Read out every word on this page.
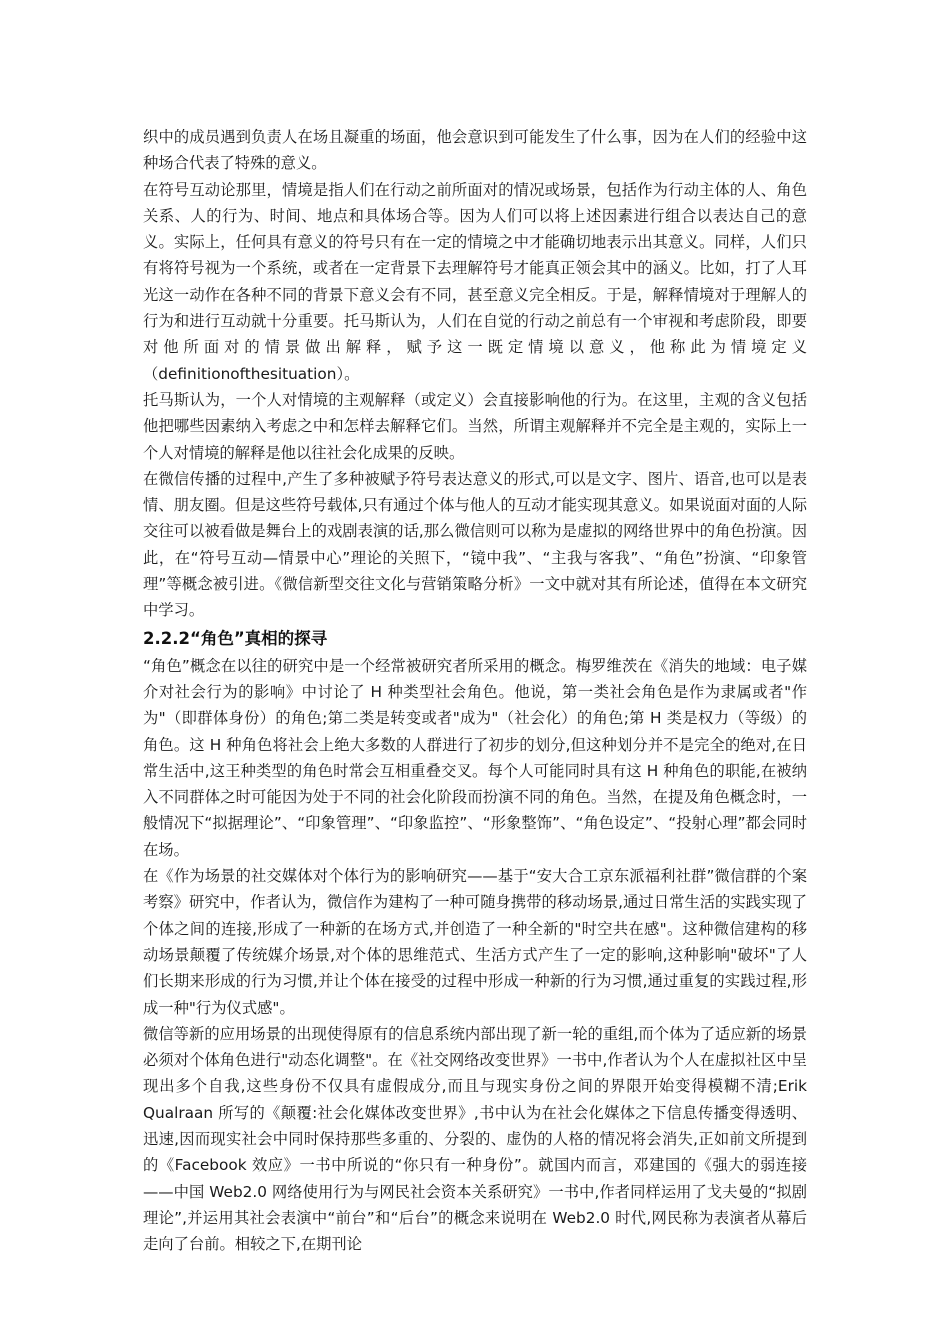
织中的成员遇到负责人在场且凝重的场面，他会意识到可能发生了什么事，因为在人们的经验中这种场合代表了特殊的意义。

在符号互动论那里，情境是指人们在行动之前所面对的情况或场景，包括作为行动主体的人、角色关系、人的行为、时间、地点和具体场合等。因为人们可以将上述因素进行组合以表达自己的意义。实际上，任何具有意义的符号只有在一定的情境之中才能确切地表示出其意义。同样，人们只有将符号视为一个系统，或者在一定背景下去理解符号才能真正领会其中的涵义。比如，打了人耳光这一动作在各种不同的背景下意义会有不同，甚至意义完全相反。于是，解释情境对于理解人的行为和进行互动就十分重要。托马斯认为，人们在自觉的行动之前总有一个审视和考虑阶段，即要对他所面对的情景做出解释，赋予这一既定情境以意义，他称此为情境定义（definitionofthesituation）。

托马斯认为，一个人对情境的主观解释（或定义）会直接影响他的行为。在这里，主观的含义包括他把哪些因素纳入考虑之中和怎样去解释它们。当然，所谓主观解释并不完全是主观的，实际上一个人对情境的解释是他以往社会化成果的反映。

在微信传播的过程中,产生了多种被赋予符号表达意义的形式,可以是文字、图片、语音,也可以是表情、朋友圈。但是这些符号载体,只有通过个体与他人的互动才能实现其意义。如果说面对面的人际交往可以被看做是舞台上的戏剧表演的话,那么微信则可以称为是虚拟的网络世界中的角色扮演。因此，在“符号互动—情景中心”理论的关照下，“镜中我”、“主我与客我”、“角色”扮演、“印象管理”等概念被引进。《微信新型交往文化与营销策略分析》一文中就对其有所论述，值得在本文研究中学习。

2.2.2“角色”真相的探寻

“角色”概念在以往的研究中是一个经常被研究者所采用的概念。梅罗维茨在《消失的地域：电子媒介对社会行为的影响》中讨论了 H 种类型社会角色。他说，第一类社会角色是作为隶属或者"作为"（即群体身份）的角色;第二类是转变或者"成为"（社会化）的角色;第 H 类是权力（等级）的角色。这 H 种角色将社会上绝大多数的人群进行了初步的划分,但这种划分并不是完全的绝对,在日常生活中,这王种类型的角色时常会互相重叠交叉。每个人可能同时具有这 H 种角色的职能,在被纳入不同群体之时可能因为处于不同的社会化阶段而扮演不同的角色。当然，在提及角色概念时，一般情况下“拟据理论”、“印象管理”、“印象监控”、“形象整饰”、“角色设定”、“投射心理”都会同时在场。

在《作为场景的社交媒体对个体行为的影响研究——基于“安大合工京东派福利社群”微信群的个案考察》研究中，作者认为，微信作为建构了一种可随身携带的移动场景,通过日常生活的实践实现了个体之间的连接,形成了一种新的在场方式,并创造了一种全新的"时空共在感"。这种微信建构的移动场景颠覆了传统媒介场景,对个体的思维范式、生活方式产生了一定的影响,这种影响"破坏"了人们长期来形成的行为习惯,并让个体在接受的过程中形成一种新的行为习惯,通过重复的实践过程,形成一种"行为仪式感"。

微信等新的应用场景的出现使得原有的信息系统内部出现了新一轮的重组,而个体为了适应新的场景必须对个体角色进行"动态化调整"。在《社交网络改变世界》一书中,作者认为个人在虚拟社区中呈现出多个自我,这些身份不仅具有虚假成分,而且与现实身份之间的界限开始变得模糊不清;Erik Qualraan 所写的《颠覆:社会化媒体改变世界》,书中认为在社会化媒体之下信息传播变得透明、迅速,因而现实社会中同时保持那些多重的、分裂的、虚伪的人格的情况将会消失,正如前文所提到的《Facebook 效应》一书中所说的“你只有一种身份”。就国内而言，邓建国的《强大的弱连接——中国 Web2.0 网络使用行为与网民社会资本关系研究》一书中,作者同样运用了戈夫曼的“拟剧理论”,并运用其社会表演中“前台”和“后台”的概念来说明在 Web2.0 时代,网民称为表演者从幕后走向了台前。相较之下,在期刊论
